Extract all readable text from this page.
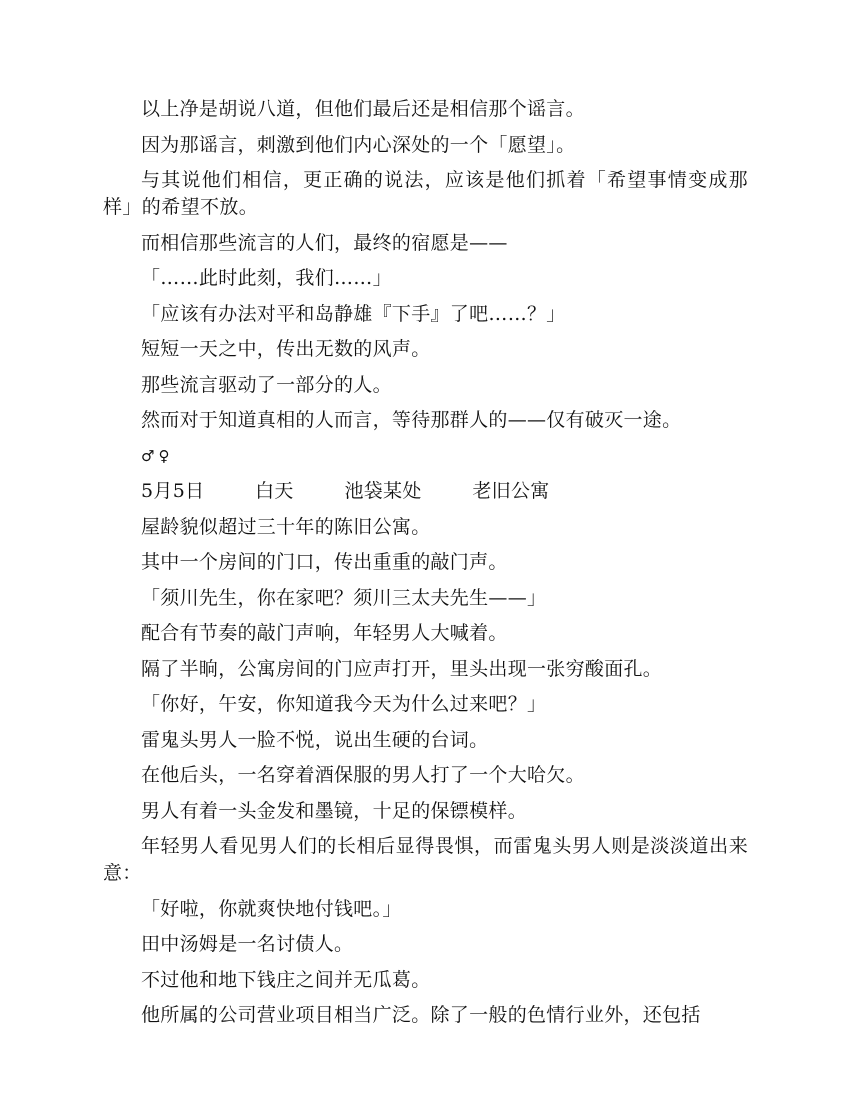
以上净是胡说八道，但他们最后还是相信那个谣言。

因为那谣言，刺激到他们内心深处的一个「愿望」。

与其说他们相信，更正确的说法，应该是他们抓着「希望事情变成那样」的希望不放。

而相信那些流言的人们，最终的宿愿是——

「……此时此刻，我们……」

「应该有办法对平和岛静雄『下手』了吧……？」

短短一天之中，传出无数的风声。

那些流言驱动了一部分的人。

然而对于知道真相的人而言，等待那群人的——仅有破灭一途。

♂♀

5月5日	白天	池袋某处	老旧公寓

屋龄貌似超过三十年的陈旧公寓。

其中一个房间的门口，传出重重的敲门声。

「须川先生，你在家吧？须川三太夫先生——」

配合有节奏的敲门声响，年轻男人大喊着。

隔了半晌，公寓房间的门应声打开，里头出现一张穷酸面孔。

「你好，午安，你知道我今天为什么过来吧？」

雷鬼头男人一脸不悦，说出生硬的台词。

在他后头，一名穿着酒保服的男人打了一个大哈欠。

男人有着一头金发和墨镜，十足的保镖模样。

年轻男人看见男人们的长相后显得畏惧，而雷鬼头男人则是淡淡道出来意：

「好啦，你就爽快地付钱吧。」

田中汤姆是一名讨债人。

不过他和地下钱庄之间并无瓜葛。

他所属的公司营业项目相当广泛。除了一般的色情行业外，还包括
